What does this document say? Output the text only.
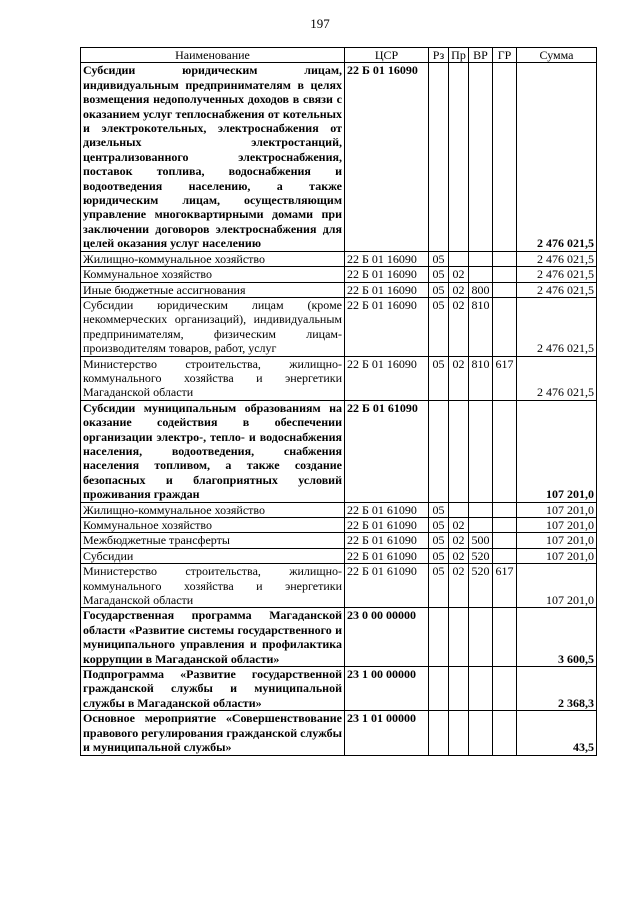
197
Наименование	ЦСР	Рз	Пр	ВР	ГР	Сумма
Субсидии юридическим лицам, индивидуальным предпринимателям в целях возмещения недополученных доходов в связи с оказанием услуг теплоснабжения от котельных и электрокотельных, электроснабжения от дизельных электростанций, централизованного электроснабжения, поставок топлива, водоснабжения и водоотведения населению, а также юридическим лицам, осуществляющим управление многоквартирными домами при заключении договоров электроснабжения для целей оказания услуг населению	22 Б 01 16090					2 476 021,5
Жилищно-коммунальное хозяйство	22 Б 01 16090	05				2 476 021,5
Коммунальное хозяйство	22 Б 01 16090	05	02			2 476 021,5
Иные бюджетные ассигнования	22 Б 01 16090	05	02	800		2 476 021,5
Субсидии юридическим лицам (кроме некоммерческих организаций), индивидуальным предпринимателям, физическим лицам-производителям товаров, работ, услуг	22 Б 01 16090	05	02	810		2 476 021,5
Министерство строительства, жилищно-коммунального хозяйства и энергетики Магаданской области	22 Б 01 16090	05	02	810	617	2 476 021,5
Субсидии муниципальным образованиям на оказание содействия в обеспечении организации электро-, тепло- и водоснабжения населения, водоотведения, снабжения населения топливом, а также создание безопасных и благоприятных условий проживания граждан	22 Б 01 61090					107 201,0
Жилищно-коммунальное хозяйство	22 Б 01 61090	05				107 201,0
Коммунальное хозяйство	22 Б 01 61090	05	02			107 201,0
Межбюджетные трансферты	22 Б 01 61090	05	02	500		107 201,0
Субсидии	22 Б 01 61090	05	02	520		107 201,0
Министерство строительства, жилищно-коммунального хозяйства и энергетики Магаданской области	22 Б 01 61090	05	02	520	617	107 201,0
Государственная программа Магаданской области «Развитие системы государственного и муниципального управления и профилактика коррупции в Магаданской области»	23 0 00 00000					3 600,5
Подпрограмма «Развитие государственной гражданской службы и муниципальной службы в Магаданской области»	23 1 00 00000					2 368,3
Основное мероприятие «Совершенствование правового регулирования гражданской службы и муниципальной службы»	23 1 01 00000					43,5
